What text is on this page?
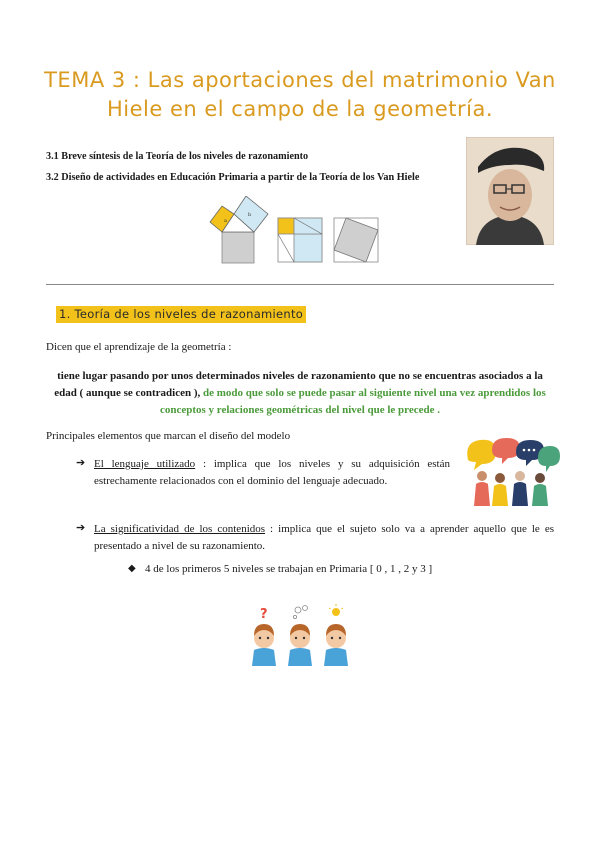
TEMA 3 : Las aportaciones del matrimonio Van
Hiele en el campo de la geometría.
3.1 Breve síntesis de la Teoría de los niveles de razonamiento
3.2 Diseño de actividades en Educación Primaria a partir de la Teoría de los Van Hiele
a
b
1. Teoría de los niveles de razonamiento
Dicen que el aprendizaje de la geometría :
tiene lugar pasando por unos determinados niveles de razonamiento que no se encuentras asociados a la edad ( aunque se contradicen ), de modo que solo se puede pasar al siguiente nivel una vez aprendidos los conceptos y relaciones geométricas del nivel que le precede .
Principales elementos que marcan el diseño del modelo
➔ El lenguaje utilizado : implica que los niveles y su adquisición están estrechamente relacionados con el dominio del lenguaje adecuado.
➔ La significatividad de los contenidos : implica que el sujeto solo va a aprender aquello que le es presentado a nivel de su razonamiento.
◆ 4 de los primeros 5 niveles se trabajan en Primaria [ 0 , 1 , 2 y 3 ]
?
